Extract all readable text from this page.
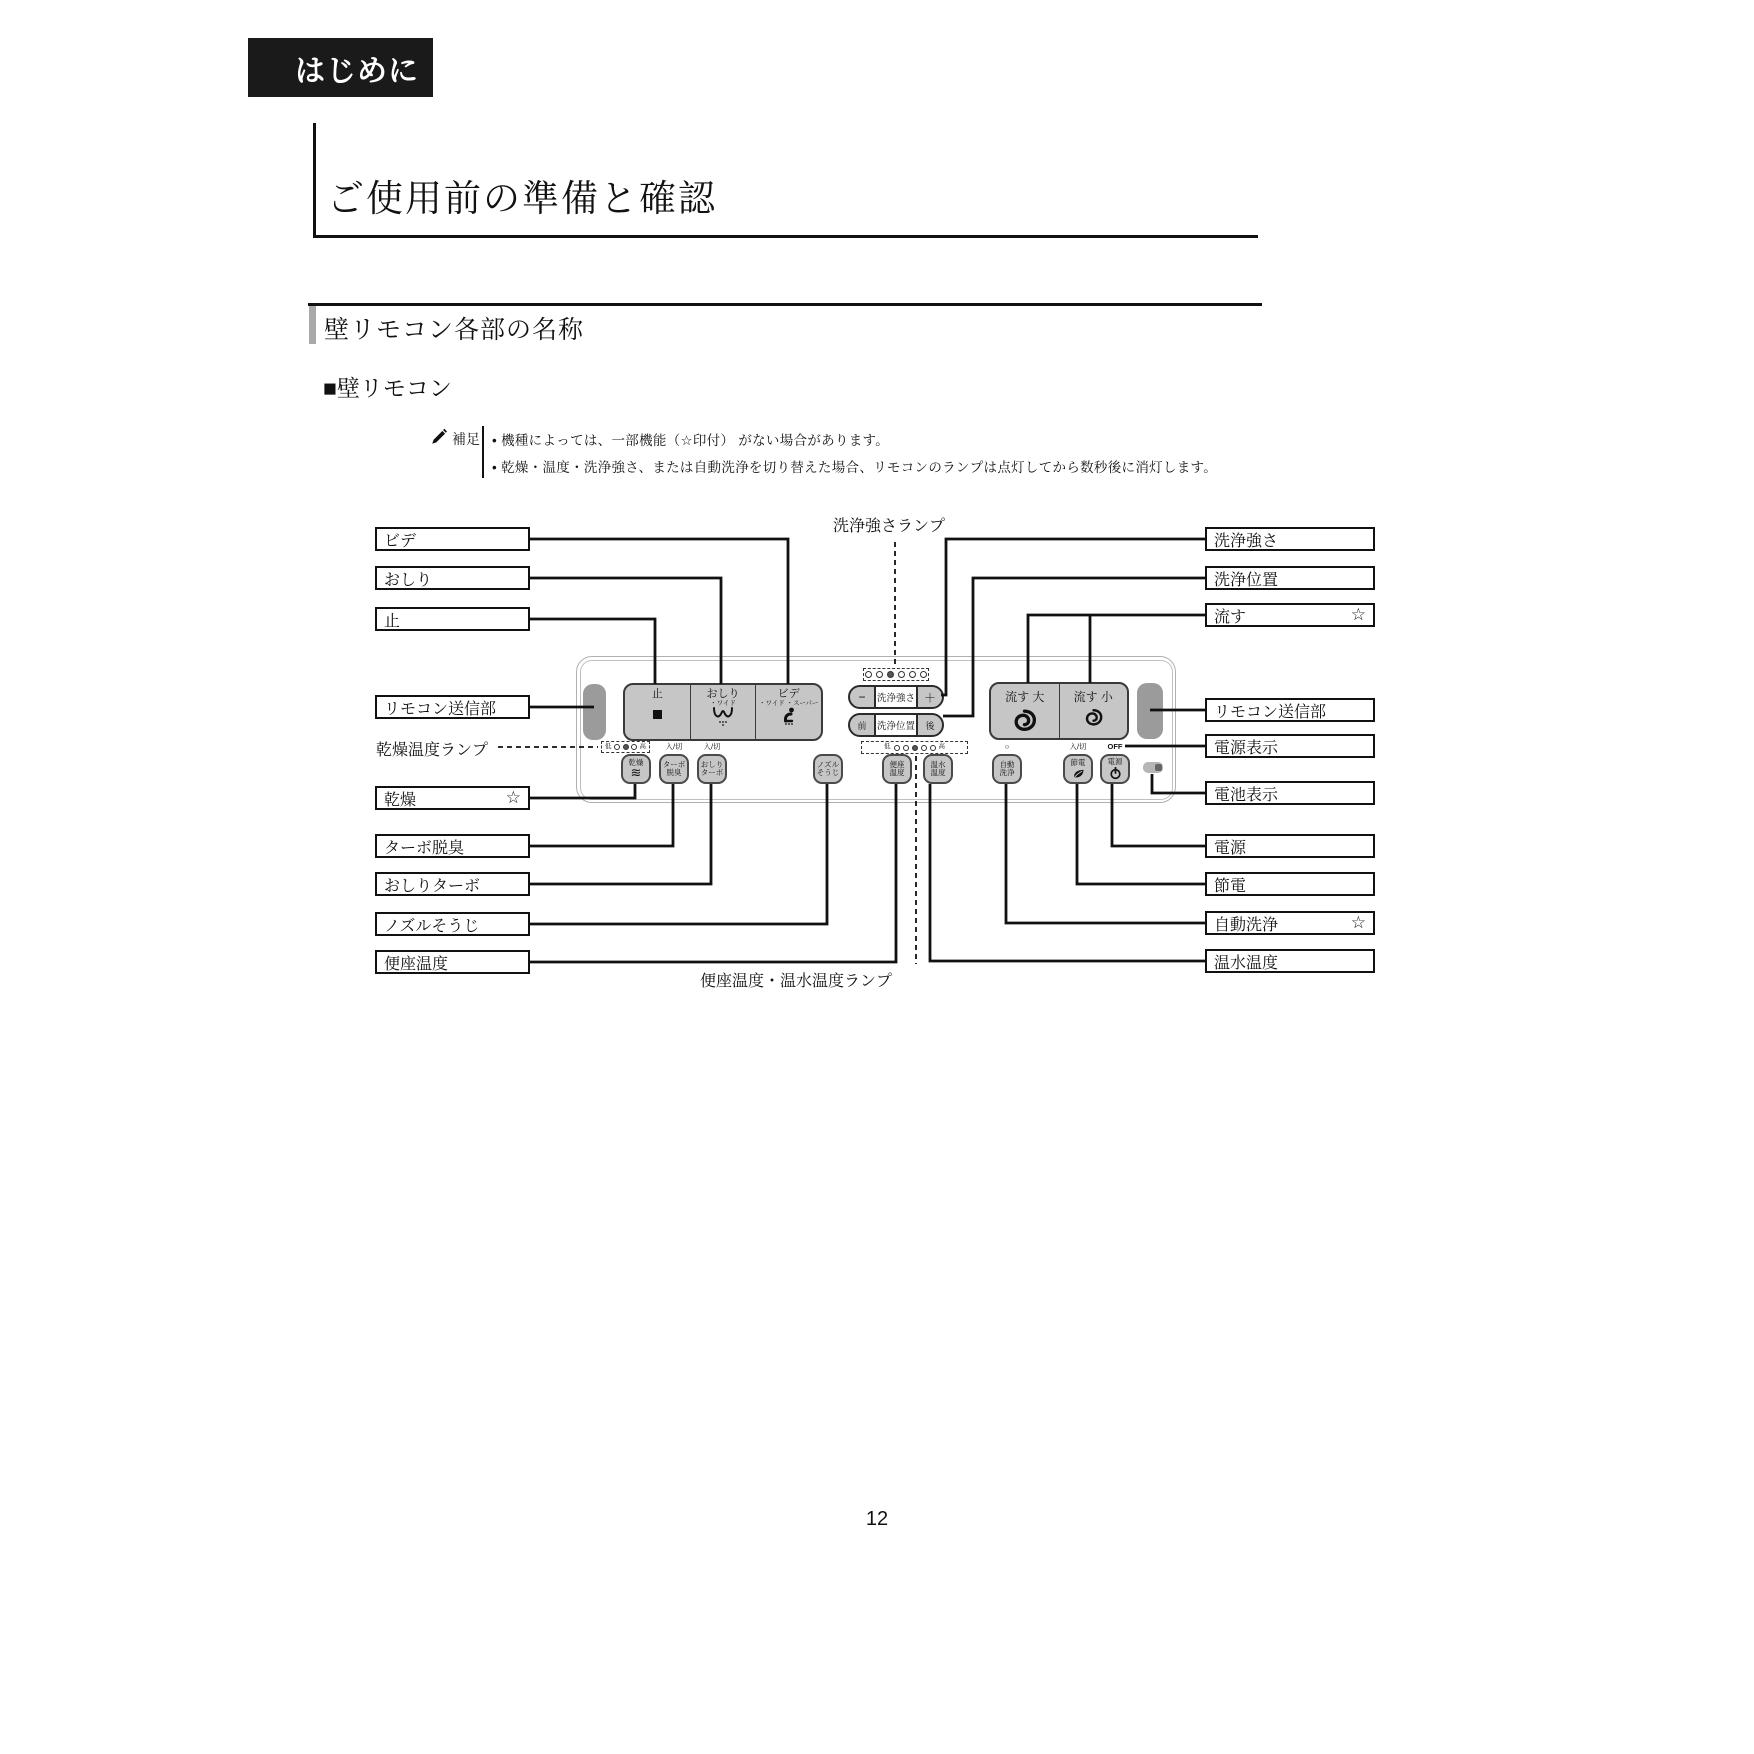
はじめに
ご使用前の準備と確認
壁リモコン各部の名称
■壁リモコン
補足 • 機種によっては、一部機能（☆印付） がない場合があります。
• 乾燥・温度・洗浄強さ、または自動洗浄を切り替えた場合、リモコンのランプは点灯してから数秒後に消灯します。
洗浄強さランプ
乾燥温度ランプ
便座温度・温水温度ランプ
ビデ
おしり
止
リモコン送信部
乾燥	☆
ターボ脱臭
おしりターボ
ノズルそうじ
便座温度
洗浄強さ
洗浄位置
流す	☆
リモコン送信部
電源表示
電池表示
電源
節電
自動洗浄	☆
温水温度
止	おしり
・ワイド
ビデ
・ワイド ・スーパー	− 洗浄強さ ＋
前 洗浄位置 後
低	高
低	高
流す 大 流す 小
乾燥
≋
ターボ
脱臭
おしり
ターボ
ノズル
そうじ
便座
温度
温水
温度
自動
洗浄
節電	電源
入/切	入/切	○	入/切	OFF
12
